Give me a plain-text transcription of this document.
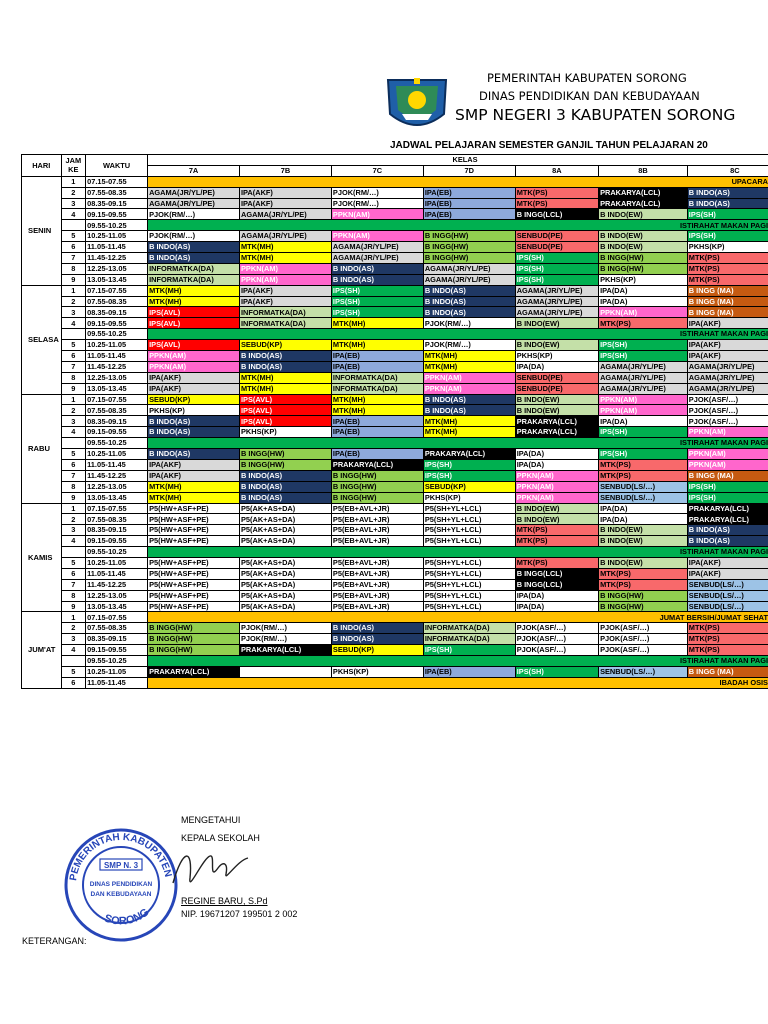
PEMERINTAH KABUPATEN SORONG
DINAS PENDIDIKAN DAN KEBUDAYAAN
SMP NEGERI 3 KABUPATEN SORONG
JADWAL PELAJARAN SEMESTER GANJIL TAHUN PELAJARAN 20
HARI	JAM KE	WAKTU	KELAS						
			7A	7B	7C	7D	8A	8B	8C
SENIN	1	07.15-07.55	UPACARA						
	2	07.55-08.35	AGAMA(JR/YL/PE)	IPA(AKF)	PJOK(RM/…)	IPA(EB)	MTK(PS)	PRAKARYA(LCL)	B INDO(AS)
	3	08.35-09.15	AGAMA(JR/YL/PE)	IPA(AKF)	PJOK(RM/…)	IPA(EB)	MTK(PS)	PRAKARYA(LCL)	B INDO(AS)
	4	09.15-09.55	PJOK(RM/…)	AGAMA(JR/YL/PE)	PPKN(AM)	IPA(EB)	B INGG(LCL)	B INDO(EW)	IPS(SH)
		09.55-10.25	ISTIRAHAT MAKAN PAGI						
	5	10.25-11.05	PJOK(RM/…)	AGAMA(JR/YL/PE)	PPKN(AM)	B INGG(HW)	SENBUD(PE)	B INDO(EW)	IPS(SH)
	6	11.05-11.45	B INDO(AS)	MTK(MH)	AGAMA(JR/YL/PE)	B INGG(HW)	SENBUD(PE)	B INDO(EW)	PKHS(KP)
	7	11.45-12.25	B INDO(AS)	MTK(MH)	AGAMA(JR/YL/PE)	B INGG(HW)	IPS(SH)	B INGG(HW)	MTK(PS)
	8	12.25-13.05	INFORMATKA(DA)	PPKN(AM)	B INDO(AS)	AGAMA(JR/YL/PE)	IPS(SH)	B INGG(HW)	MTK(PS)
	9	13.05-13.45	INFORMATKA(DA)	PPKN(AM)	B INDO(AS)	AGAMA(JR/YL/PE)	IPS(SH)	PKHS(KP)	MTK(PS)
SELASA	1	07.15-07.55	MTK(MH)	IPA(AKF)	IPS(SH)	B INDO(AS)	AGAMA(JR/YL/PE)	IPA(DA)	B INGG (MA)
	2	07.55-08.35	MTK(MH)	IPA(AKF)	IPS(SH)	B INDO(AS)	AGAMA(JR/YL/PE)	IPA(DA)	B INGG (MA)
	3	08.35-09.15	IPS(AVL)	INFORMATKA(DA)	IPS(SH)	B INDO(AS)	AGAMA(JR/YL/PE)	PPKN(AM)	B INGG (MA)
	4	09.15-09.55	IPS(AVL)	INFORMATKA(DA)	MTK(MH)	PJOK(RM/…)	B INDO(EW)	MTK(PS)	IPA(AKF)
		09.55-10.25	ISTIRAHAT MAKAN PAGI						
	5	10.25-11.05	IPS(AVL)	SEBUD(KP)	MTK(MH)	PJOK(RM/…)	B INDO(EW)	IPS(SH)	IPA(AKF)
	6	11.05-11.45	PPKN(AM)	B INDO(AS)	IPA(EB)	MTK(MH)	PKHS(KP)	IPS(SH)	IPA(AKF)
	7	11.45-12.25	PPKN(AM)	B INDO(AS)	IPA(EB)	MTK(MH)	IPA(DA)	AGAMA(JR/YL/PE)	AGAMA(JR/YL/PE)
	8	12.25-13.05	IPA(AKF)	MTK(MH)	INFORMATKA(DA)	PPKN(AM)	SENBUD(PE)	AGAMA(JR/YL/PE)	AGAMA(JR/YL/PE)
	9	13.05-13.45	IPA(AKF)	MTK(MH)	INFORMATKA(DA)	PPKN(AM)	SENBUD(PE)	AGAMA(JR/YL/PE)	AGAMA(JR/YL/PE)
RABU	1	07.15-07.55	SEBUD(KP)	IPS(AVL)	MTK(MH)	B INDO(AS)	B INDO(EW)	PPKN(AM)	PJOK(ASF/…)
	2	07.55-08.35	PKHS(KP)	IPS(AVL)	MTK(MH)	B INDO(AS)	B INDO(EW)	PPKN(AM)	PJOK(ASF/…)
	3	08.35-09.15	B INDO(AS)	IPS(AVL)	IPA(EB)	MTK(MH)	PRAKARYA(LCL)	IPA(DA)	PJOK(ASF/…)
	4	09.15-09.55	B INDO(AS)	PKHS(KP)	IPA(EB)	MTK(MH)	PRAKARYA(LCL)	IPS(SH)	PPKN(AM)
		09.55-10.25	ISTIRAHAT MAKAN PAGI						
	5	10.25-11.05	B INDO(AS)	B INGG(HW)	IPA(EB)	PRAKARYA(LCL)	IPA(DA)	IPS(SH)	PPKN(AM)
	6	11.05-11.45	IPA(AKF)	B INGG(HW)	PRAKARYA(LCL)	IPS(SH)	IPA(DA)	MTK(PS)	PPKN(AM)
	7	11.45-12.25	IPA(AKF)	B INDO(AS)	B INGG(HW)	IPS(SH)	PPKN(AM)	MTK(PS)	B INGG (MA)
	8	12.25-13.05	MTK(MH)	B INDO(AS)	B INGG(HW)	SEBUD(KP)	PPKN(AM)	SENBUD(LS/…)	IPS(SH)
	9	13.05-13.45	MTK(MH)	B INDO(AS)	B INGG(HW)	PKHS(KP)	PPKN(AM)	SENBUD(LS/…)	IPS(SH)
KAMIS	1	07.15-07.55	P5(HW+ASF+PE)	P5(AK+AS+DA)	P5(EB+AVL+JR)	P5(SH+YL+LCL)	B INDO(EW)	IPA(DA)	PRAKARYA(LCL)
	2	07.55-08.35	P5(HW+ASF+PE)	P5(AK+AS+DA)	P5(EB+AVL+JR)	P5(SH+YL+LCL)	B INDO(EW)	IPA(DA)	PRAKARYA(LCL)
	3	08.35-09.15	P5(HW+ASF+PE)	P5(AK+AS+DA)	P5(EB+AVL+JR)	P5(SH+YL+LCL)	MTK(PS)	B INDO(EW)	B INDO(AS)
	4	09.15-09.55	P5(HW+ASF+PE)	P5(AK+AS+DA)	P5(EB+AVL+JR)	P5(SH+YL+LCL)	MTK(PS)	B INDO(EW)	B INDO(AS)
		09.55-10.25	ISTIRAHAT MAKAN PAGI						
	5	10.25-11.05	P5(HW+ASF+PE)	P5(AK+AS+DA)	P5(EB+AVL+JR)	P5(SH+YL+LCL)	MTK(PS)	B INDO(EW)	IPA(AKF)
	6	11.05-11.45	P5(HW+ASF+PE)	P5(AK+AS+DA)	P5(EB+AVL+JR)	P5(SH+YL+LCL)	B INGG(LCL)	MTK(PS)	IPA(AKF)
	7	11.45-12.25	P5(HW+ASF+PE)	P5(AK+AS+DA)	P5(EB+AVL+JR)	P5(SH+YL+LCL)	B INGG(LCL)	MTK(PS)	SENBUD(LS/…)
	8	12.25-13.05	P5(HW+ASF+PE)	P5(AK+AS+DA)	P5(EB+AVL+JR)	P5(SH+YL+LCL)	IPA(DA)	B INGG(HW)	SENBUD(LS/…)
	9	13.05-13.45	P5(HW+ASF+PE)	P5(AK+AS+DA)	P5(EB+AVL+JR)	P5(SH+YL+LCL)	IPA(DA)	B INGG(HW)	SENBUD(LS/…)
JUM'AT	1	07.15-07.55	JUMAT BERSIH/JUMAT SEHAT						
	2	07.55-08.35	B INGG(HW)	PJOK(RM/…)	B INDO(AS)	INFORMATKA(DA)	PJOK(ASF/…)	PJOK(ASF/…)	MTK(PS)
	3	08.35-09.15	B INGG(HW)	PJOK(RM/…)	B INDO(AS)	INFORMATKA(DA)	PJOK(ASF/…)	PJOK(ASF/…)	MTK(PS)
	4	09.15-09.55	B INGG(HW)	PRAKARYA(LCL)	SEBUD(KP)	IPS(SH)	PJOK(ASF/…)	PJOK(ASF/…)	MTK(PS)
		09.55-10.25	ISTIRAHAT MAKAN PAGI						
	5	10.25-11.05	PRAKARYA(LCL)		PKHS(KP)	IPA(EB)	IPS(SH)	SENBUD(LS/…)	B INGG (MA)
	6	11.05-11.45	IBADAH OSIS						
MENGETAHUI
KEPALA SEKOLAH
REGINE BARU, S.Pd
NIP. 19671207 199501 2 002
KETERANGAN:
PEMERINTAH KABUPATEN
SORONG
SMP N. 3
DINAS PENDIDIKAN
DAN KEBUDAYAAN
